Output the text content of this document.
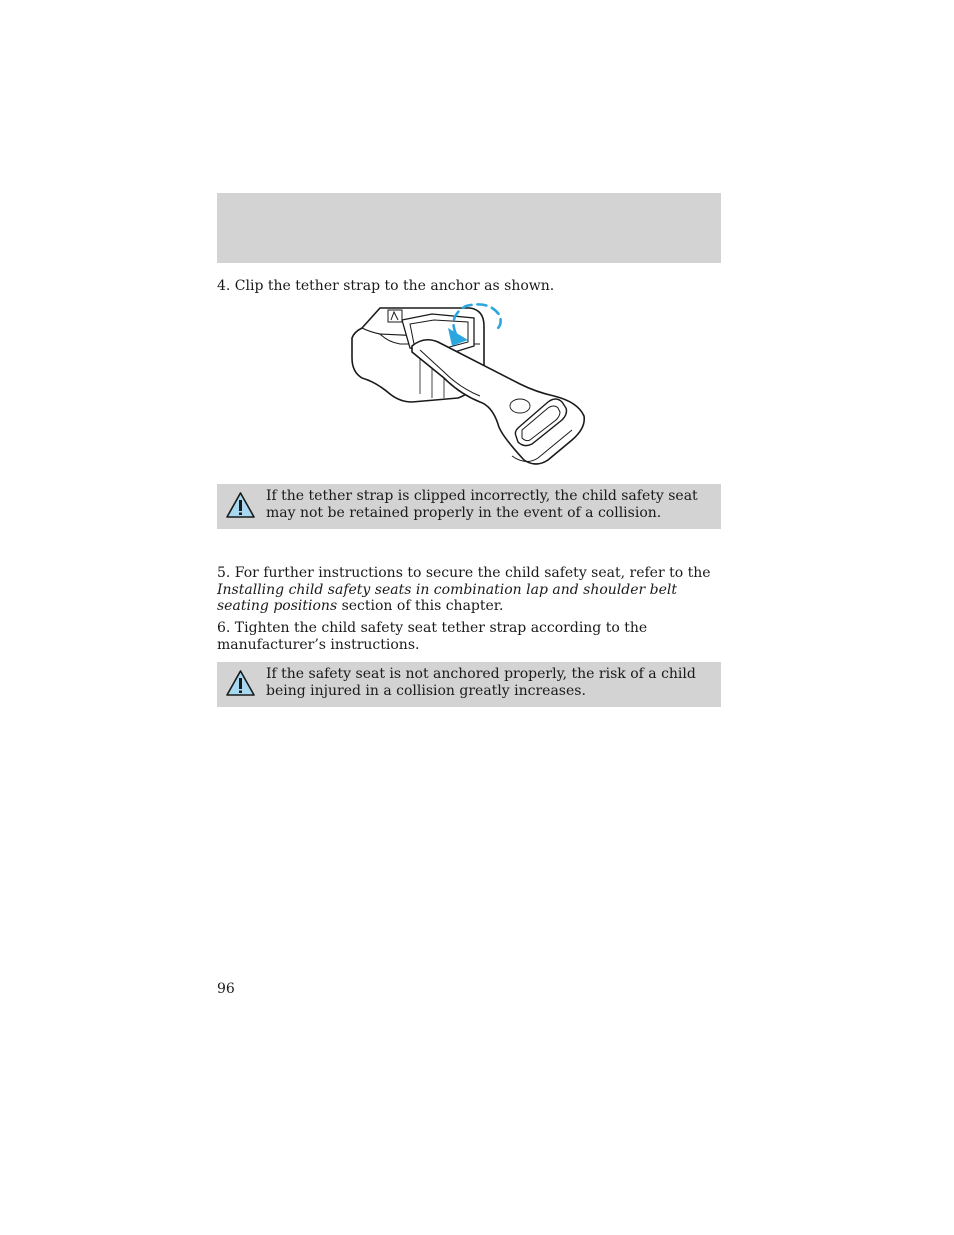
4. Clip the tether strap to the anchor as shown.

If the tether strap is clipped incorrectly, the child safety seat may not be retained properly in the event of a collision.

5. For further instructions to secure the child safety seat, refer to the Installing child safety seats in combination lap and shoulder belt seating positions section of this chapter.

6. Tighten the child safety seat tether strap according to the manufacturer’s instructions.

If the safety seat is not anchored properly, the risk of a child being injured in a collision greatly increases.

96
